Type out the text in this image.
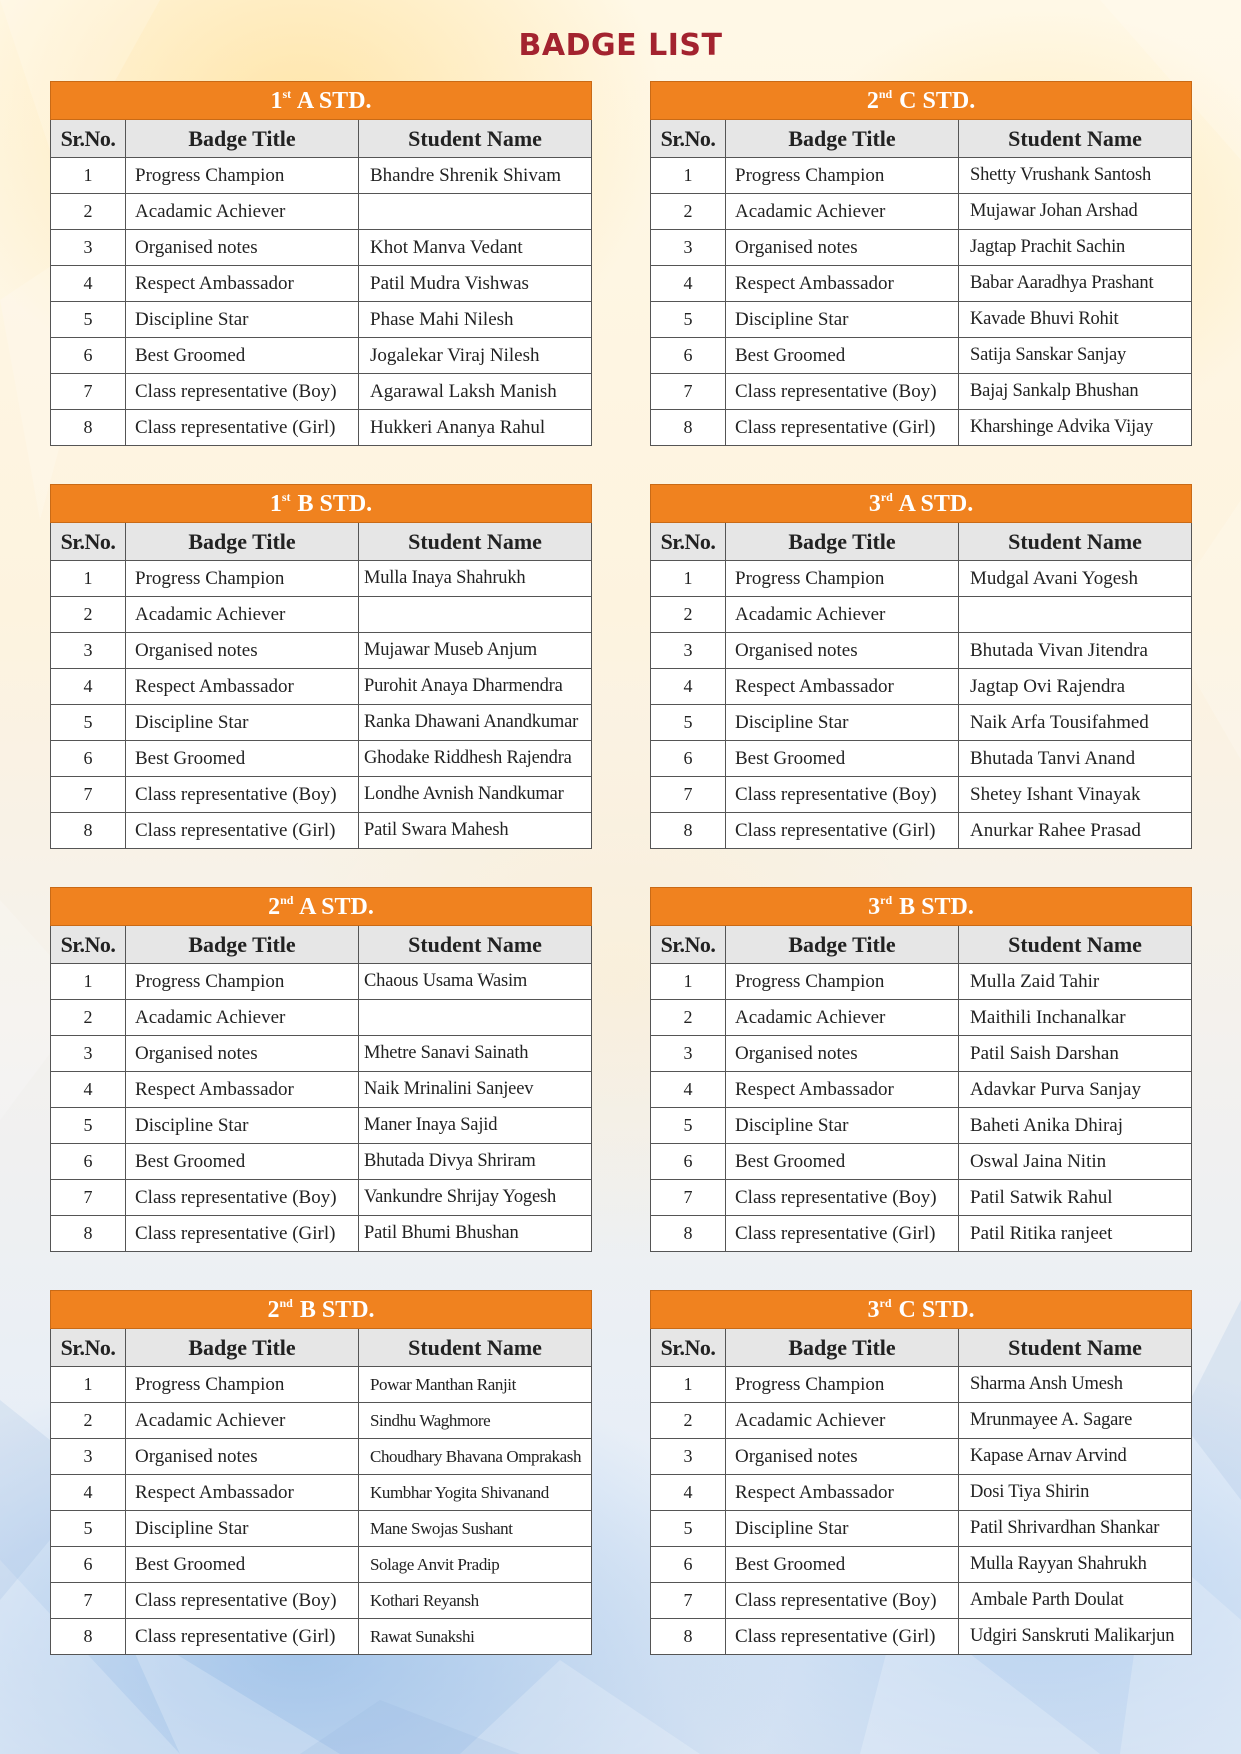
BADGE LIST
1st A STD.		
Sr.No.	Badge Title	Student Name
1	Progress Champion	Bhandre Shrenik Shivam
2	Acadamic Achiever	
3	Organised notes	Khot Manva Vedant
4	Respect Ambassador	Patil Mudra Vishwas
5	Discipline Star	Phase Mahi Nilesh
6	Best Groomed	Jogalekar Viraj Nilesh
7	Class representative (Boy)	Agarawal Laksh Manish
8	Class representative (Girl)	Hukkeri Ananya Rahul
2nd C STD.		
Sr.No.	Badge Title	Student Name
1	Progress Champion	Shetty Vrushank Santosh
2	Acadamic Achiever	Mujawar Johan Arshad
3	Organised notes	Jagtap Prachit Sachin
4	Respect Ambassador	Babar Aaradhya Prashant
5	Discipline Star	Kavade Bhuvi Rohit
6	Best Groomed	Satija Sanskar Sanjay
7	Class representative (Boy)	Bajaj Sankalp Bhushan
8	Class representative (Girl)	Kharshinge Advika Vijay
1st B STD.		
Sr.No.	Badge Title	Student Name
1	Progress Champion	Mulla Inaya Shahrukh
2	Acadamic Achiever	
3	Organised notes	Mujawar Museb Anjum
4	Respect Ambassador	Purohit Anaya Dharmendra
5	Discipline Star	Ranka Dhawani Anandkumar
6	Best Groomed	Ghodake Riddhesh Rajendra
7	Class representative (Boy)	Londhe Avnish Nandkumar
8	Class representative (Girl)	Patil Swara Mahesh
3rd A STD.		
Sr.No.	Badge Title	Student Name
1	Progress Champion	Mudgal Avani Yogesh
2	Acadamic Achiever	
3	Organised notes	Bhutada Vivan Jitendra
4	Respect Ambassador	Jagtap Ovi Rajendra
5	Discipline Star	Naik Arfa Tousifahmed
6	Best Groomed	Bhutada Tanvi Anand
7	Class representative (Boy)	Shetey Ishant Vinayak
8	Class representative (Girl)	Anurkar Rahee Prasad
2nd A STD.		
Sr.No.	Badge Title	Student Name
1	Progress Champion	Chaous Usama Wasim
2	Acadamic Achiever	
3	Organised notes	Mhetre Sanavi Sainath
4	Respect Ambassador	Naik Mrinalini Sanjeev
5	Discipline Star	Maner Inaya Sajid
6	Best Groomed	Bhutada Divya Shriram
7	Class representative (Boy)	Vankundre Shrijay Yogesh
8	Class representative (Girl)	Patil Bhumi Bhushan
3rd B STD.		
Sr.No.	Badge Title	Student Name
1	Progress Champion	Mulla Zaid Tahir
2	Acadamic Achiever	Maithili Inchanalkar
3	Organised notes	Patil Saish Darshan
4	Respect Ambassador	Adavkar Purva Sanjay
5	Discipline Star	Baheti Anika Dhiraj
6	Best Groomed	Oswal Jaina Nitin
7	Class representative (Boy)	Patil Satwik Rahul
8	Class representative (Girl)	Patil Ritika ranjeet
2nd B STD.		
Sr.No.	Badge Title	Student Name
1	Progress Champion	Powar Manthan Ranjit
2	Acadamic Achiever	Sindhu Waghmore
3	Organised notes	Choudhary Bhavana Omprakash
4	Respect Ambassador	Kumbhar Yogita Shivanand
5	Discipline Star	Mane Swojas Sushant
6	Best Groomed	Solage Anvit Pradip
7	Class representative (Boy)	Kothari Reyansh
8	Class representative (Girl)	Rawat Sunakshi
3rd C STD.		
Sr.No.	Badge Title	Student Name
1	Progress Champion	Sharma Ansh Umesh
2	Acadamic Achiever	Mrunmayee A. Sagare
3	Organised notes	Kapase Arnav Arvind
4	Respect Ambassador	Dosi Tiya Shirin
5	Discipline Star	Patil Shrivardhan Shankar
6	Best Groomed	Mulla Rayyan Shahrukh
7	Class representative (Boy)	Ambale Parth Doulat
8	Class representative (Girl)	Udgiri Sanskruti Malikarjun
